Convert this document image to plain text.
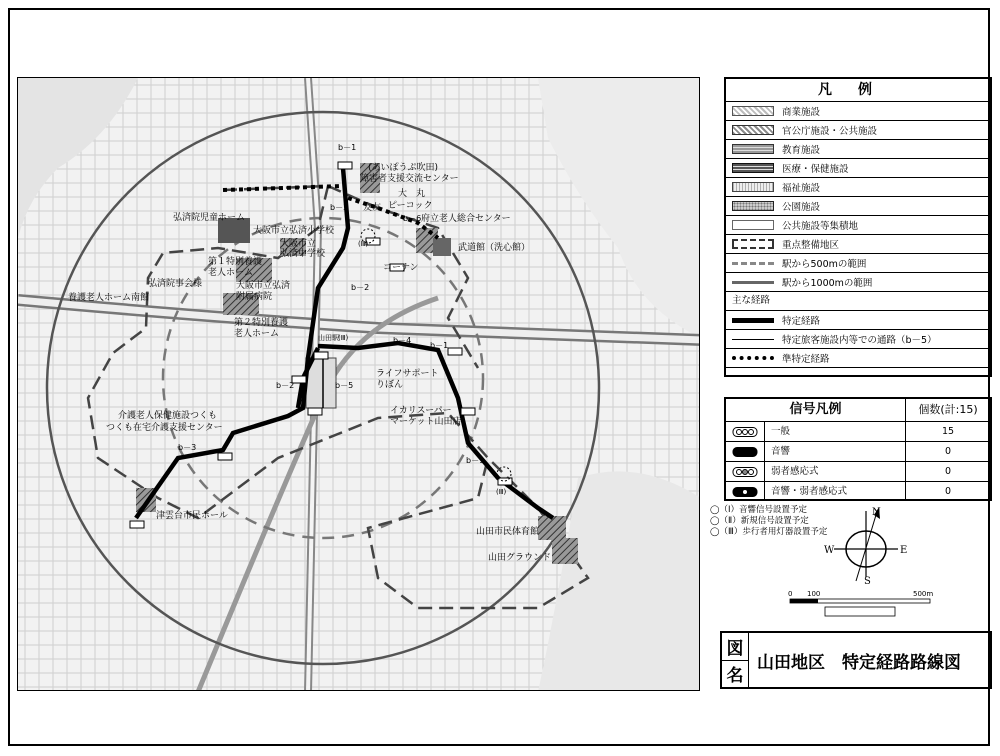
(あいぽうぷ吹田)
障害者支援交流センター
大　丸
ピーコック
友友
府立老人総合センター
弘済院児童ホーム
大阪市立弘済小学校
大阪市立
弘済中学校
武道館（洗心館）
第１特別養護
老人ホーム	コーナン
弘済院事会様	大阪市立弘済
養護老人ホーム南館	附属病院
第２特別養護
老人ホーム
ライフサポート
りぼん
介護老人保健施設つくも
つくも在宅介護支援センター
イカリスーパー
マーケット山田店
津雲台市民ホール
山田市民体育館
山田グラウンド
b－1
b－3
b－6
b－2
b－4
b－1
b－2	b－5
b－3
b－9
(Ⅲ)
(Ⅲ)
(Ⅲ)
山田駅
凡例
商業施設
官公庁施設・公共施設
教育施設
医療・保健施設
福祉施設
公園施設
公共施設等集積地
重点整備地区
駅から500mの範囲
駅から1000mの範囲
主な経路
特定経路
特定旅客施設内等での通路（b－5）
準特定経路
信号凡例	個数(計:15)
一般	15
音響	0
弱者感応式	0
音響・弱者感応式	0
◯（Ⅰ）音響信号設置予定
◯（Ⅱ）新規信号設置予定
◯（Ⅲ）歩行者用灯器設置予定
N
S
E
W
0 100	500m
図
名
山田地区　特定経路路線図
